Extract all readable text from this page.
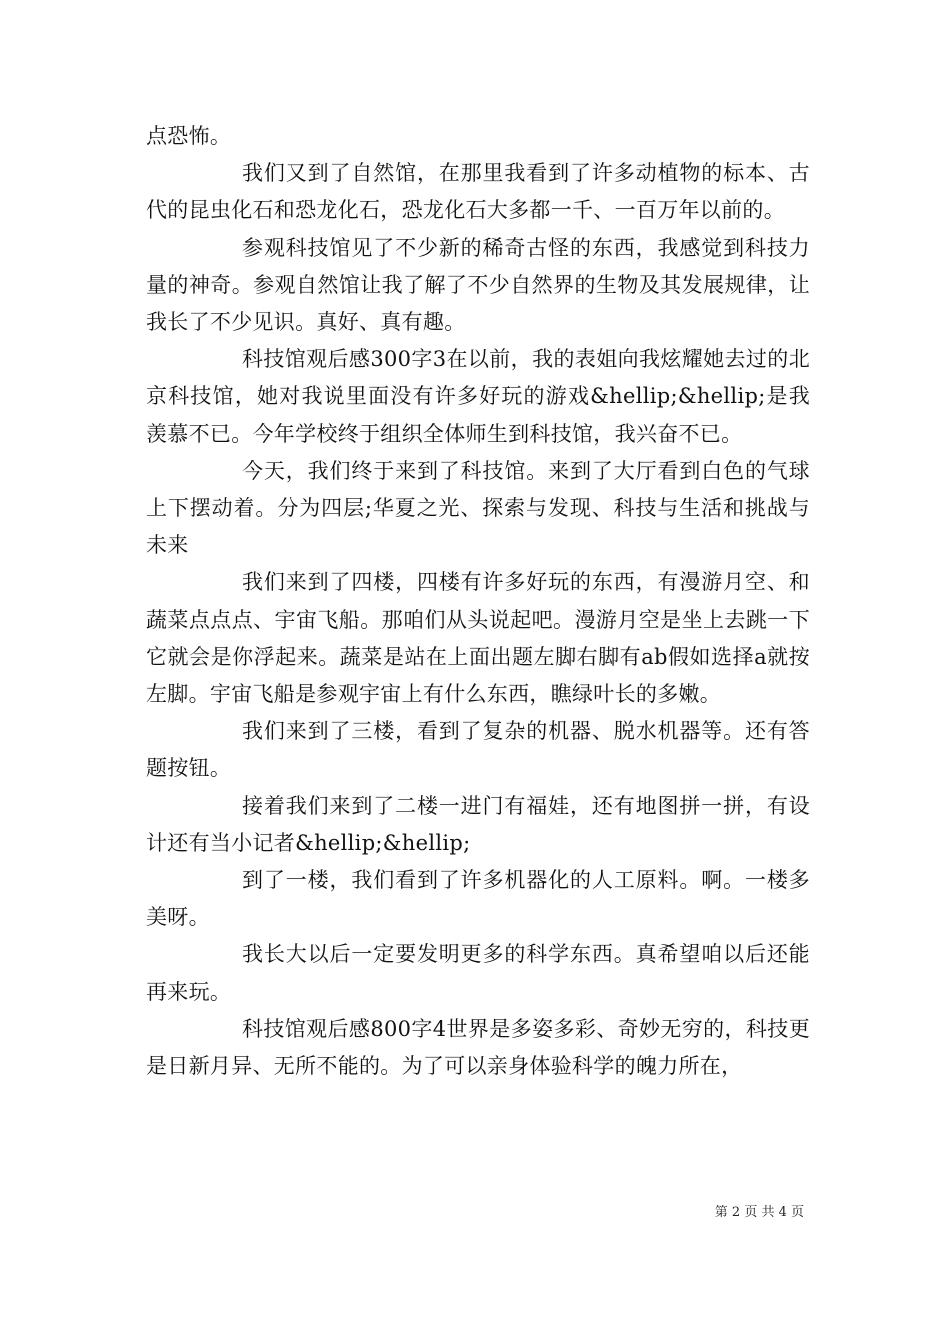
点恐怖。

我们又到了自然馆，在那里我看到了许多动植物的标本、古代的昆虫化石和恐龙化石，恐龙化石大多都一千、一百万年以前的。

参观科技馆见了不少新的稀奇古怪的东西，我感觉到科技力量的神奇。参观自然馆让我了解了不少自然界的生物及其发展规律，让我长了不少见识。真好、真有趣。

科技馆观后感300字3在以前，我的表姐向我炫耀她去过的北京科技馆，她对我说里面没有许多好玩的游戏&hellip;&hellip;是我羡慕不已。今年学校终于组织全体师生到科技馆，我兴奋不已。

今天，我们终于来到了科技馆。来到了大厅看到白色的气球上下摆动着。分为四层;华夏之光、探索与发现、科技与生活和挑战与未来

我们来到了四楼，四楼有许多好玩的东西，有漫游月空、和蔬菜点点点、宇宙飞船。那咱们从头说起吧。漫游月空是坐上去跳一下它就会是你浮起来。蔬菜是站在上面出题左脚右脚有ab假如选择a就按左脚。宇宙飞船是参观宇宙上有什么东西，瞧绿叶长的多嫩。

我们来到了三楼，看到了复杂的机器、脱水机器等。还有答题按钮。

接着我们来到了二楼一进门有福娃，还有地图拼一拼，有设计还有当小记者&hellip;&hellip;

到了一楼，我们看到了许多机器化的人工原料。啊。一楼多美呀。

我长大以后一定要发明更多的科学东西。真希望咱以后还能再来玩。

科技馆观后感800字4世界是多姿多彩、奇妙无穷的，科技更是日新月异、无所不能的。为了可以亲身体验科学的魄力所在，

第 2 页 共 4 页
